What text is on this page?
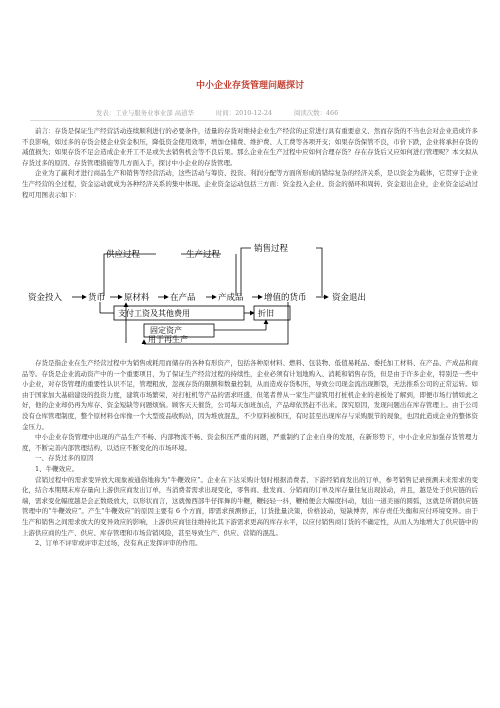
中小企业存货管理问题探讨
发表：工业与服务业事业部 高道华	时间：2010-12-24	阅读次数：466

前言：存货是保证生产经营活动连续顺利进行的必要条件，适量的存货对维持企业生产经营的正常进行具有重要意义、然而存货的不当也会对企业造成许多不良影响，如过多的存货会使企业资金积压，降低资金使用效率，增加仓储费、维护费、人工费等各项开支；如果存货保管不良，市价下跌，企业将承担存货的减值损失；如果存货不足会造成企业开工不足或失去销售机会等不良后果。那么企业在生产过程中应如何合理存货？存在存货后又应如何进行管理呢？本文拟从存货过多的原因、存货管理措施等几方面入手，探讨中小企业的存货管理。

企业为了赢利才进行商品生产和销售等经营活动，这些活动与筹资、投资、利润分配等方面所形成的错综复杂的经济关系，是以资金为载体，它贯穿于企业生产经营的全过程，资金运动就成为各种经济关系的集中体现。企业资金运动包括三方面：资金投入企业、资金的循环和周转、资金退出企业，企业资金运动过程可用图表示如下：

供应过程	生产过程
销售过程
资金投入	货币 原材料 在产品	产成品 增值的货币	资金退出
支付工资及其他费用	折旧
固定资产
用于再生产

存货是指企业在生产经营过程中为销售或耗用而储存的各种有形资产，包括各种原材料、燃料、包装物、低值易耗品、委托加工材料、在产品、产成品和商品等。存货是企业流动资产中的一个重要项目，为了保证生产经营过程的持续性，企业必须有计划地购入、消耗和销售存货，但是由于许多企业，特别是一些中小企业，对存货管理的重要性认识不足，管理粗放，忽视存货的限额和数量控制，从而造成存货积压，导致公司现金流出现断裂，无法推系公司的正常运转。如由于国家加大基础建设的投资力度，建筑市场繁荣，对打桩机等产品的需求旺盛，但笔者曾从一家生产建筑用打桩机企业的老板处了解到，即便市场行情如此之好，他的企业却仍再为库存、资金短缺等问题烦恼。顾客天天催货，公司每天加班加点，产品却依然赶不出来。深究原因，发现问题出在库存管理上。由于公司没有仓库管理制度，整个原材料仓库像一个大型废品收购站，因为堆放混乱，不少原料被积压，有时甚至出现库存与采购脱节的现象，也因此造成企业的整体资金压力。

中小企业存货管理中出现的产品生产不畅、内部物流不畅、资金积压严重的问题，严重制约了企业自身的发展，在新形势下，中小企业应加强存货管理力度，不断完善内部管理结构，以适应不断变化的市场环境。

一、存货过多的原因

1、牛鞭效应。

营销过程中的需求变异放大现象被通俗地称为“牛鞭效应”。企业在下达采购计划时根据消费者、下游经销商发出的订单，参考销售记录预测未来需求的变化，结合本期期末库存量向上游供应商发出订单，当消费者需求出现变化，零售商、批发商、分销商的订单及库存量往复出现波动，并且，越是处于供应链的后端，需求变化幅度越是会正数级放大，以形状而言，这就像西部牛仔挥舞的牛鞭，鞭轻轻一抖，鞭梢便会大幅度抖动，划出一道美丽的圆弧，这就是所谓供应链管理中的“牛鞭效应”。产生“牛鞭效应”的原因主要有 6 个方面，即需求预测修正，订货批量决策，价格波动，短缺博弈，库存责任失衡和应付环境变异。由于生产和销售之间需求放大的变异效应的影响，上游供应商往往维持比其下游需求更高的库存水平，以应付销售商订货的不确定性，从而人为地增大了供应链中的上游供应商的生产、供应、库存管理和市场营销风险，甚至导致生产、供应、营销的混乱。

2、订单不评审或评审走过场，没有真正发挥评审的作用。
